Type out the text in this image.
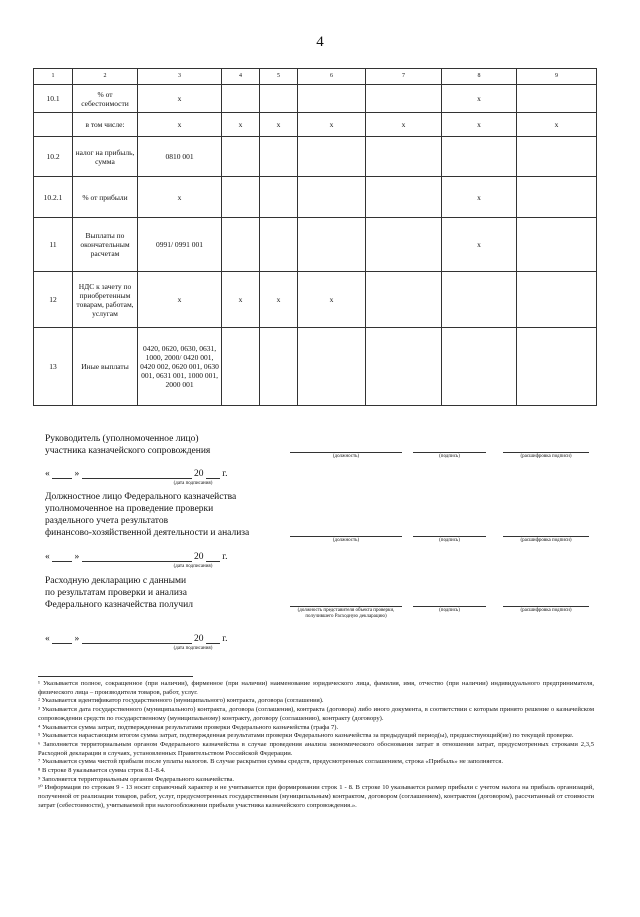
4
1	2	3	4	5	6	7	8	9
10.1	% от себестоимости	х					х	
	в том числе:	х	х	х	х	х	х	х
10.2	налог на прибыль, сумма	0810 001						
10.2.1	% от прибыли	х					х	
11	Выплаты по окончательным расчетам	0991/ 0991 001					х	
12	НДС к зачету по приобретенным товарам, работам, услугам	х	х	х	х			
13	Иные выплаты	0420, 0620, 0630, 0631, 1000, 2000/ 0420 001, 0420 002, 0620 001, 0630 001, 0631 001, 1000 001, 2000 001						
Руководитель (уполномоченное лицо)
участника казначейского сопровождения
(должность)	(подпись)	(расшифровка подписи)
«	»	20 г.
(дата подписания)
Должностное лицо Федерального казначейства
уполномоченное на проведение проверки
раздельного учета результатов
финансово-хозяйственной деятельности и анализа
(должность)	(подпись)	(расшифровка подписи)
«	»	20 г.
(дата подписания)
Расходную декларацию с данными
по результатам проверки и анализа
Федерального казначейства получил
(должность представителя объекта проверки, получившего Расходную декларацию)
(подпись)	(расшифровка подписи)
«	»	20 г.
(дата подписания)

¹ Указывается полное, сокращенное (при наличии), фирменное (при наличии) наименование юридического лица, фамилия, имя, отчество (при наличии) индивидуального предпринимателя, физического лица – производителя товаров, работ, услуг.

² Указывается идентификатор государственного (муниципального) контракта, договора (соглашения).

³ Указывается дата государственного (муниципального) контракта, договора (соглашения), контракта (договора) либо иного документа, в соответствии с которым принято решение о казначейском сопровождении средств по государственному (муниципальному) контракту, договору (соглашению), контракту (договору).

⁴ Указывается сумма затрат, подтвержденная результатами проверки Федерального казначейства (графа 7).

⁵ Указывается нарастающим итогом сумма затрат, подтвержденная результатами проверки Федерального казначейства за предыдущий период(ы), предшествующий(ие) по текущей проверке.

⁶ Заполняется территориальным органом Федерального казначейства в случае проведения анализа экономического обоснования затрат в отношении затрат, предусмотренных строками 2,3,5 Расходной декларации в случаях, установленных Правительством Российской Федерации.

⁷ Указывается сумма чистой прибыли после уплаты налогов. В случае раскрытия суммы средств, предусмотренных соглашением, строка «Прибыль» не заполняется.

⁸ В строке 8 указывается сумма строк 8.1-8.4.

⁹ Заполняется территориальным органом Федерального казначейства.

¹⁰ Информация по строкам 9 - 13 носит справочный характер и не учитывается при формировании строк 1 - 8. В строке 10 указывается размер прибыли с учетом налога на прибыль организаций, полученной от реализации товаров, работ, услуг, предусмотренных государственным (муниципальным) контрактом, договором (соглашением), контрактом (договором), рассчитанный от стоимости затрат (себестоимости), учитываемой при налогообложении прибыли участника казначейского сопровождения.».
